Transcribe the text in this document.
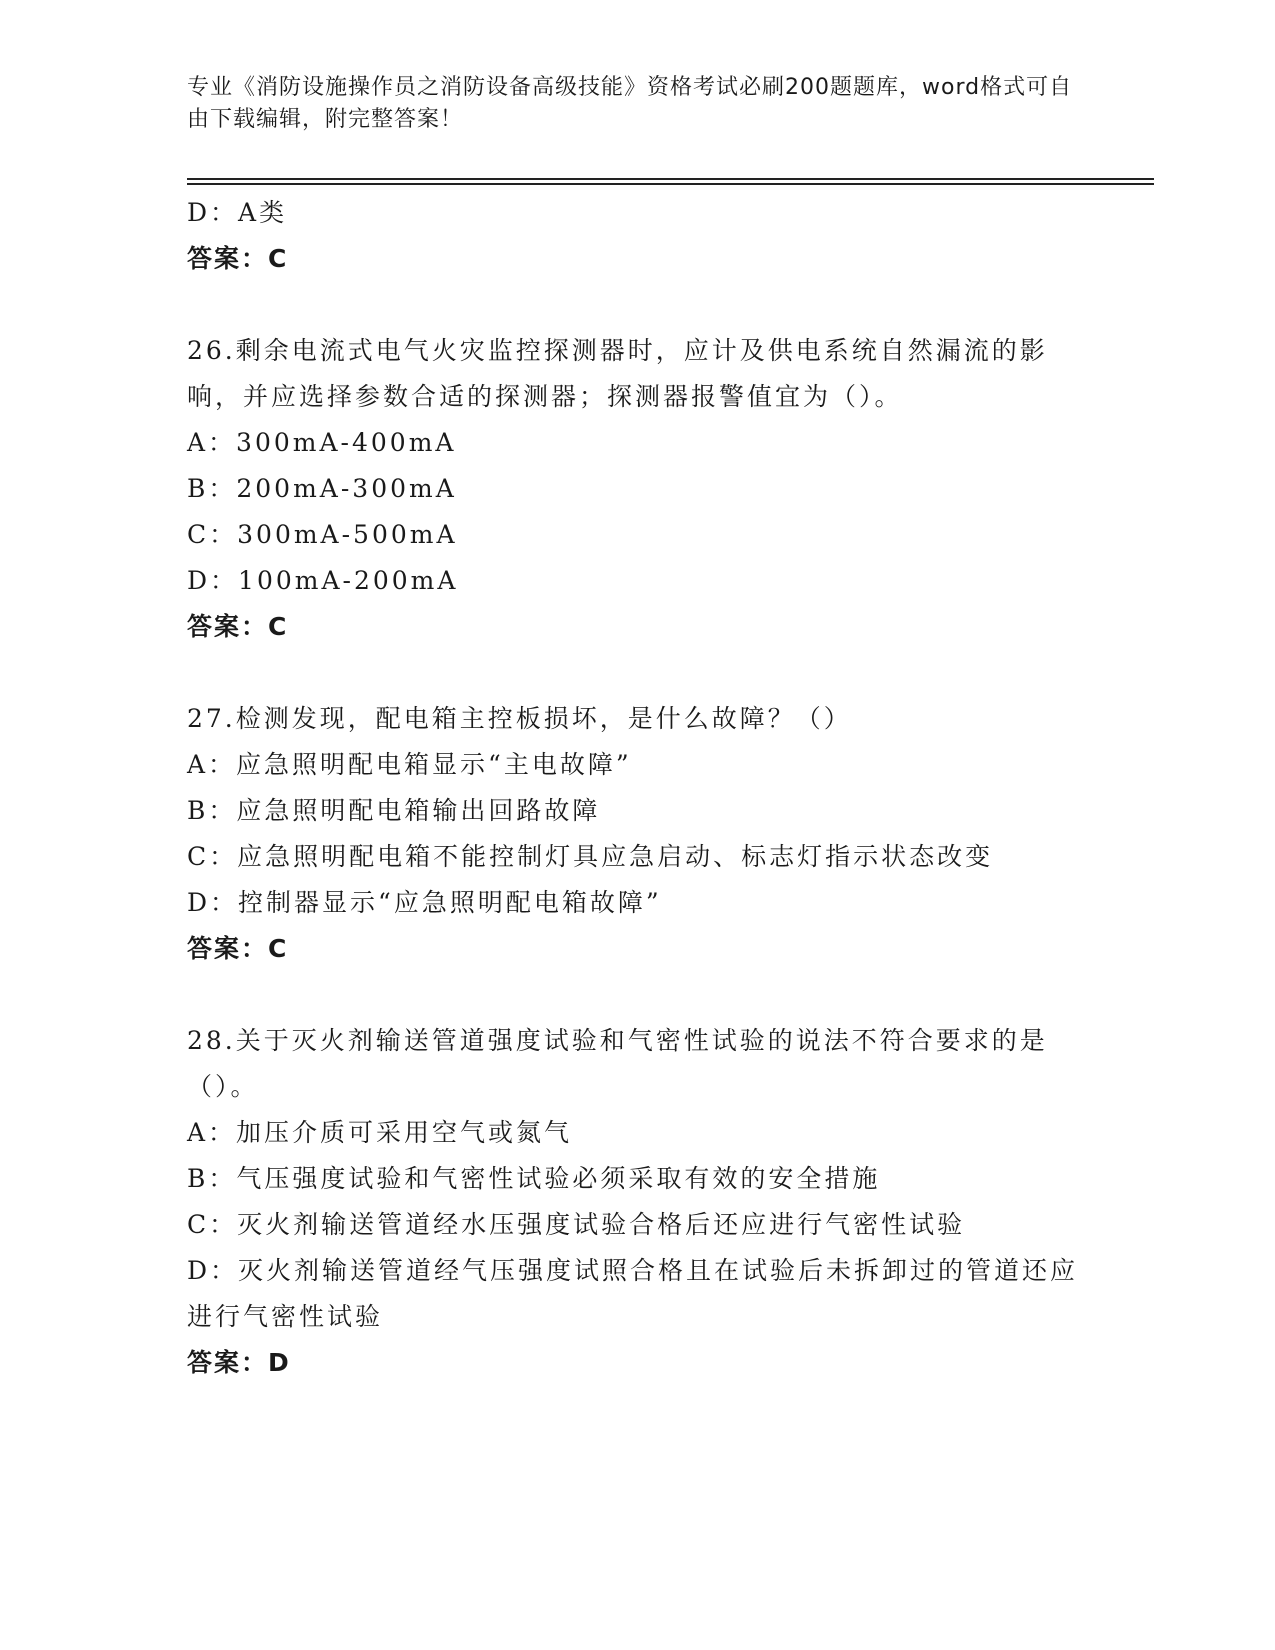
专业《消防设施操作员之消防设备高级技能》资格考试必刷200题题库，word格式可自由下载编辑，附完整答案！
D：A类
答案：C
26.剩余电流式电气火灾监控探测器时，应计及供电系统自然漏流的影响，并应选择参数合适的探测器；探测器报警值宜为（）。
A：300mA-400mA
B：200mA-300mA
C：300mA-500mA
D：100mA-200mA
答案：C
27.检测发现，配电箱主控板损坏，是什么故障？（）
A：应急照明配电箱显示“主电故障”
B：应急照明配电箱输出回路故障
C：应急照明配电箱不能控制灯具应急启动、标志灯指示状态改变
D：控制器显示“应急照明配电箱故障”
答案：C
28.关于灭火剂输送管道强度试验和气密性试验的说法不符合要求的是（）。
A：加压介质可采用空气或氮气
B：气压强度试验和气密性试验必须采取有效的安全措施
C：灭火剂输送管道经水压强度试验合格后还应进行气密性试验
D：灭火剂输送管道经气压强度试照合格且在试验后未拆卸过的管道还应进行气密性试验
答案：D
